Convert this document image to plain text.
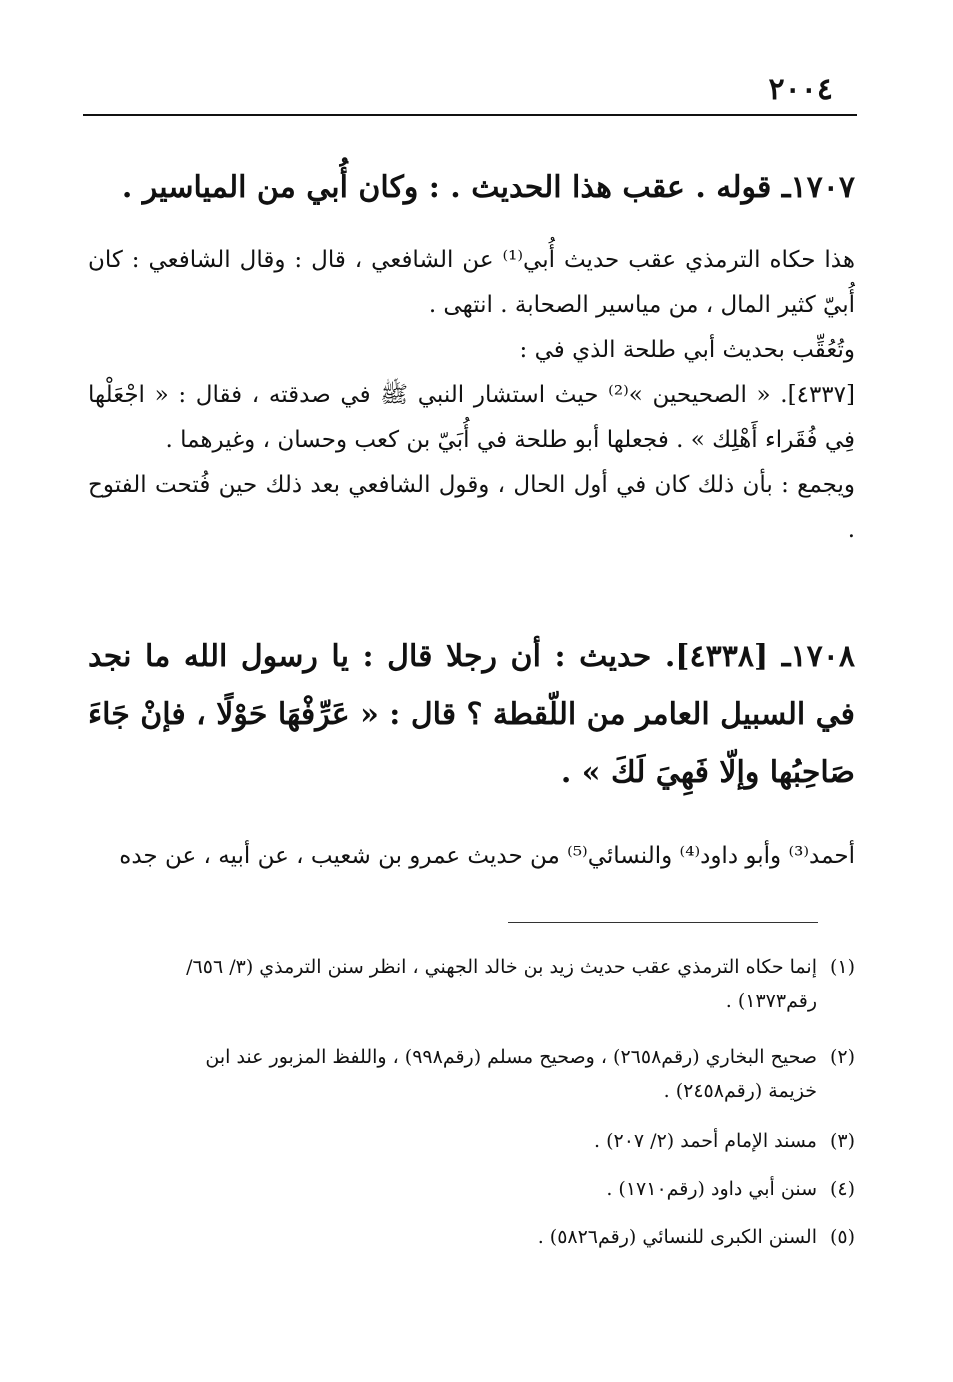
٢٠٠٤
١٧٠٧ـ قوله . عقب هذا الحديث . : وكان أُبي من المياسير .
هذا حكاه الترمذي عقب حديث أُبي⁽¹⁾ عن الشافعي ، قال : وقال الشافعي : كان أُبيّ كثير المال ، من مياسير الصحابة . انتهى .
وتُعُقِّب بحديث أبي طلحة الذي في :
[٤٣٣٧]. « الصحيحين »⁽²⁾ حيث استشار النبي ﷺ في صدقته ، فقال : « اجْعَلْها فِي فُقَراء أَهْلِك » . فجعلها أبو طلحة في أُبَيّ بن كعب وحسان ، وغيرهما .
ويجمع : بأن ذلك كان في أول الحال ، وقول الشافعي بعد ذلك حين فُتحت الفتوح .
١٧٠٨ـ [٤٣٣٨]. حديث : أن رجلا قال : يا رسول الله ما نجد في السبيل العامر من اللّقطة ؟ قال : « عَرِّفْهَا حَوْلًا ، فإنْ جَاءَ صَاحِبُها وإلّا فَهِيَ لَكَ » .
أحمد⁽³⁾ وأبو داود⁽⁴⁾ والنسائي⁽⁵⁾ من حديث عمرو بن شعيب ، عن أبيه ، عن جده
(١)إنما حكاه الترمذي عقب حديث زيد بن خالد الجهني ، انظر سنن الترمذي (٣/ ٦٥٦/
رقم١٣٧٣) .
(٢)صحيح البخاري (رقم٢٦٥٨) ، وصحيح مسلم (رقم٩٩٨) ، واللفظ المزبور عند ابن
خزيمة (رقم٢٤٥٨) .
(٣)مسند الإمام أحمد (٢/ ٢٠٧) .
(٤)سنن أبي داود (رقم١٧١٠) .
(٥)السنن الكبرى للنسائي (رقم٥٨٢٦) .
